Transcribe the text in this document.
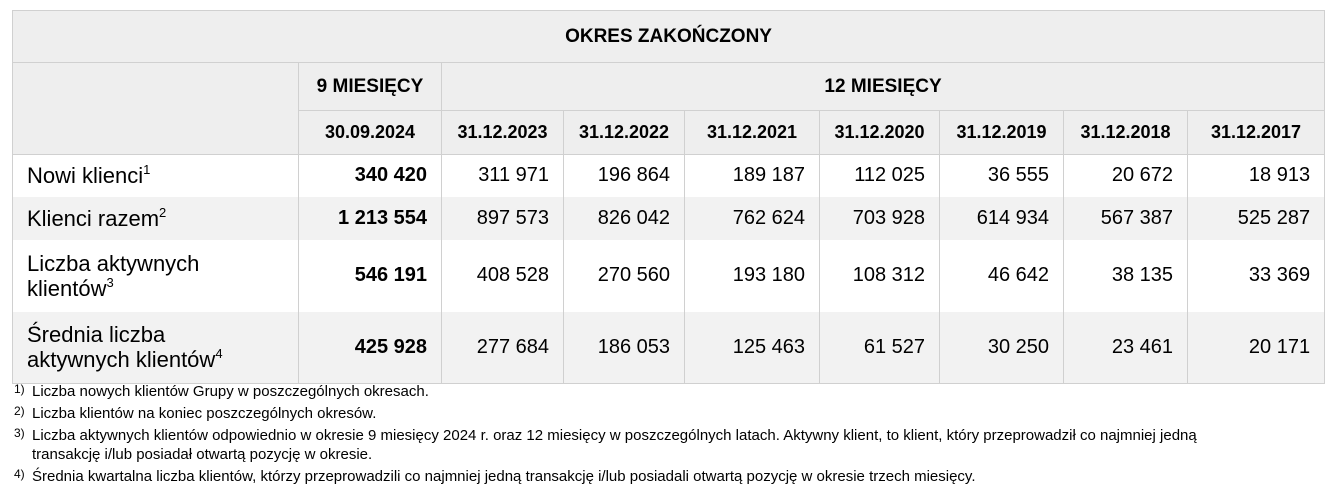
OKRES ZAKOŃCZONY								
	9 MIESIĘCY	12 MIESIĘCY						
	30.09.2024	31.12.2023	31.12.2022	31.12.2021	31.12.2020	31.12.2019	31.12.2018	31.12.2017
Nowi klienci$^1$	340 420	311 971	196 864	189 187	112 025	36 555	20 672	18 913
Klienci razem$^2$	1 213 554	897 573	826 042	762 624	703 928	614 934	567 387	525 287
Liczba aktywnych
klientów$^3$	546 191	408 528	270 560	193 180	108 312	46 642	38 135	33 369
Średnia liczba
aktywnych klientów$^4$	425 928	277 684	186 053	125 463	61 527	30 250	23 461	20 171
1) Liczba nowych klientów Grupy w poszczególnych okresach.
2) Liczba klientów na koniec poszczególnych okresów.
3) Liczba aktywnych klientów odpowiednio w okresie 9 miesięcy 2024 r. oraz 12 miesięcy w poszczególnych latach. Aktywny klient, to klient, który przeprowadził co najmniej jedną transakcję i/lub posiadał otwartą pozycję w okresie.
4) Średnia kwartalna liczba klientów, którzy przeprowadzili co najmniej jedną transakcję i/lub posiadali otwartą pozycję w okresie trzech miesięcy.
